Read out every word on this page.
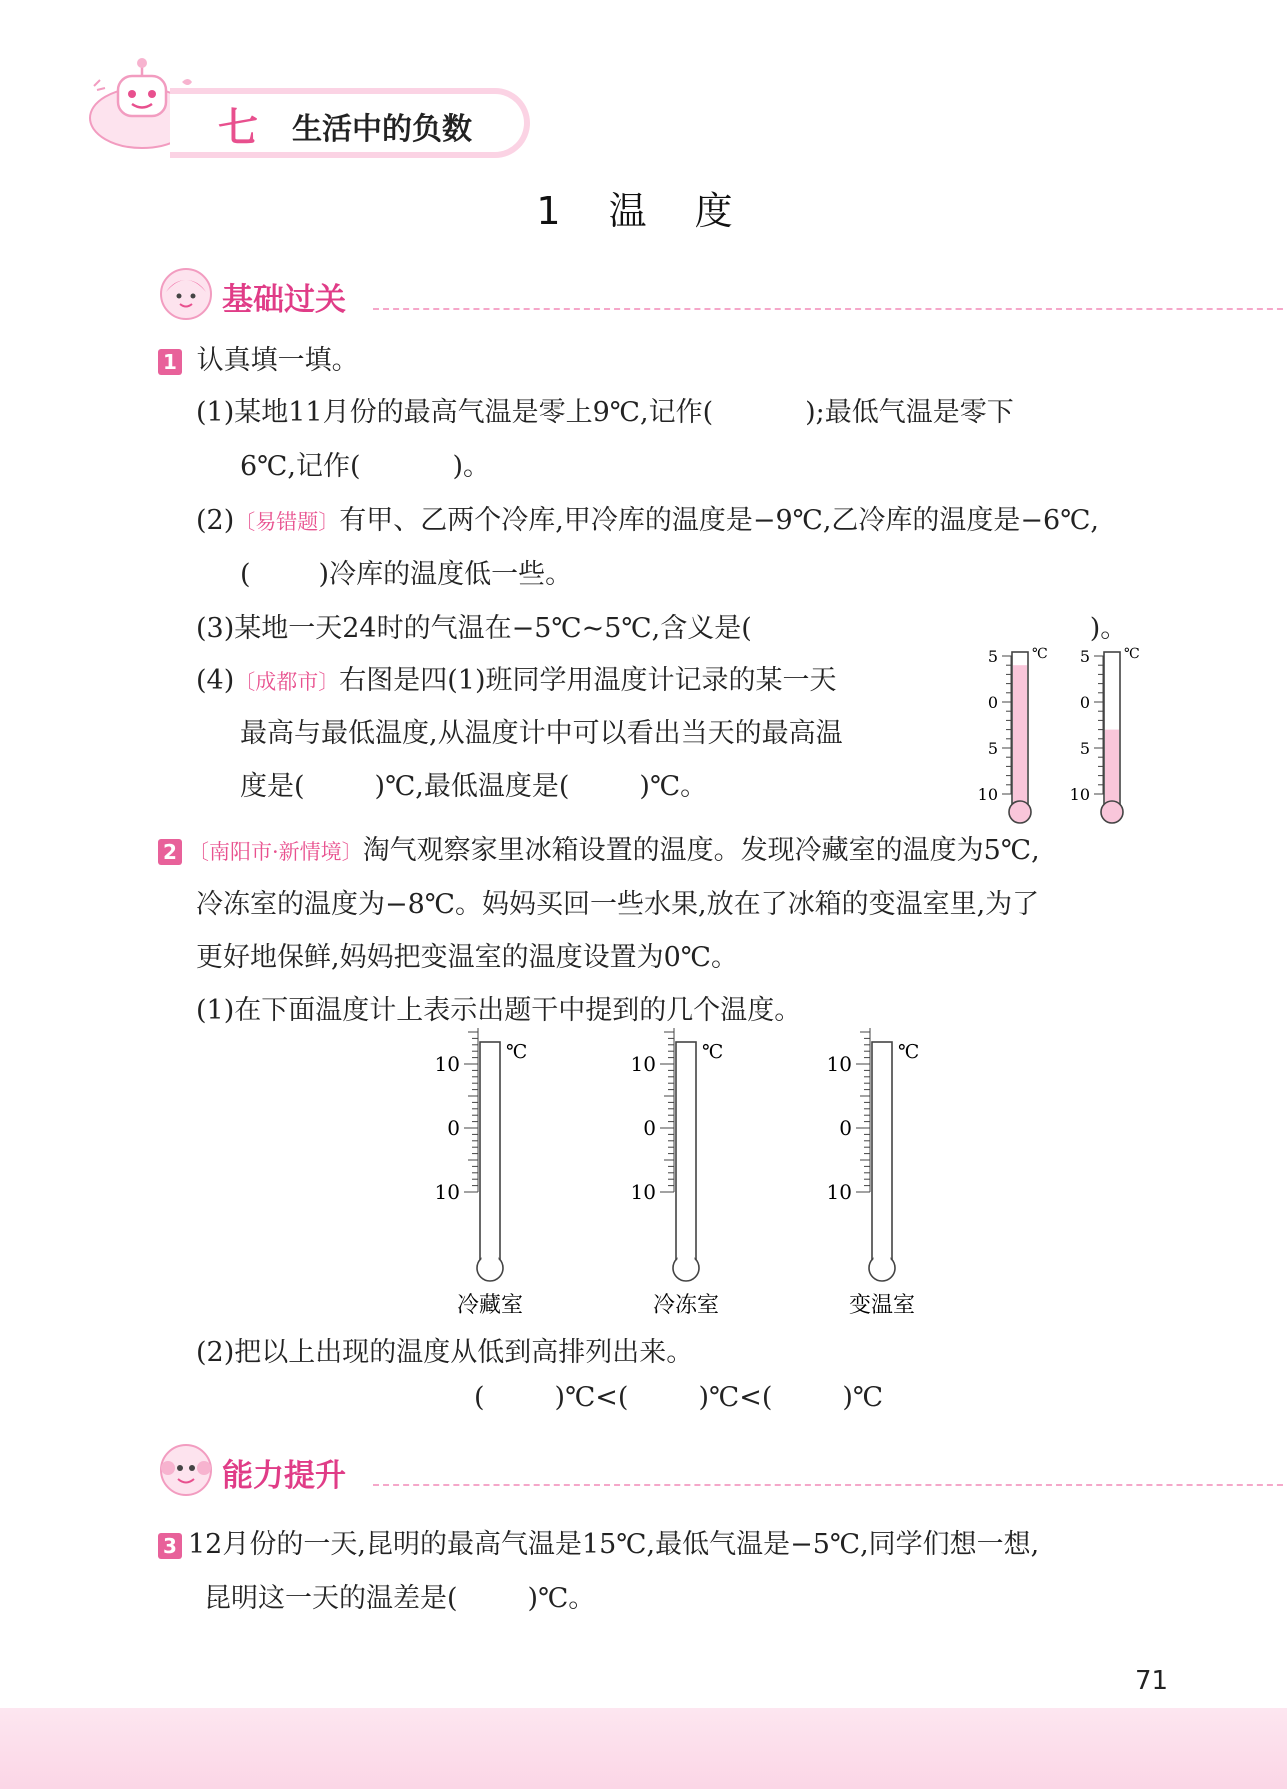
七 生活中的负数
1 温 度
基础过关
1 认真填一填。
(1)某地11月份的最高气温是零上9℃,记作(	);最低气温是零下
6℃,记作(	)。
(2)〔易错题〕有甲、乙两个冷库,甲冷库的温度是−9℃,乙冷库的温度是−6℃,
(	)冷库的温度低一些。
(3)某地一天24时的气温在−5℃~5℃,含义是(	)。
(4)〔成都市〕右图是四(1)班同学用温度计记录的某一天
最高与最低温度,从温度计中可以看出当天的最高温
度是(	)℃,最低温度是(	)℃。
5
0
5
10
℃ 5
0
5
10
℃
2 〔南阳市·新情境〕淘气观察家里冰箱设置的温度。发现冷藏室的温度为5℃,
冷冻室的温度为−8℃。妈妈买回一些水果,放在了冰箱的变温室里,为了
更好地保鲜,妈妈把变温室的温度设置为0℃。
(1)在下面温度计上表示出题干中提到的几个温度。
10
0
10
℃
冷藏室
10
0
10
℃
冷冻室
10
0
10
℃
变温室
(2)把以上出现的温度从低到高排列出来。
(	)℃<(	)℃<(	)℃
能力提升
3 12月份的一天,昆明的最高气温是15℃,最低气温是−5℃,同学们想一想,
昆明这一天的温差是(	)℃。
71
